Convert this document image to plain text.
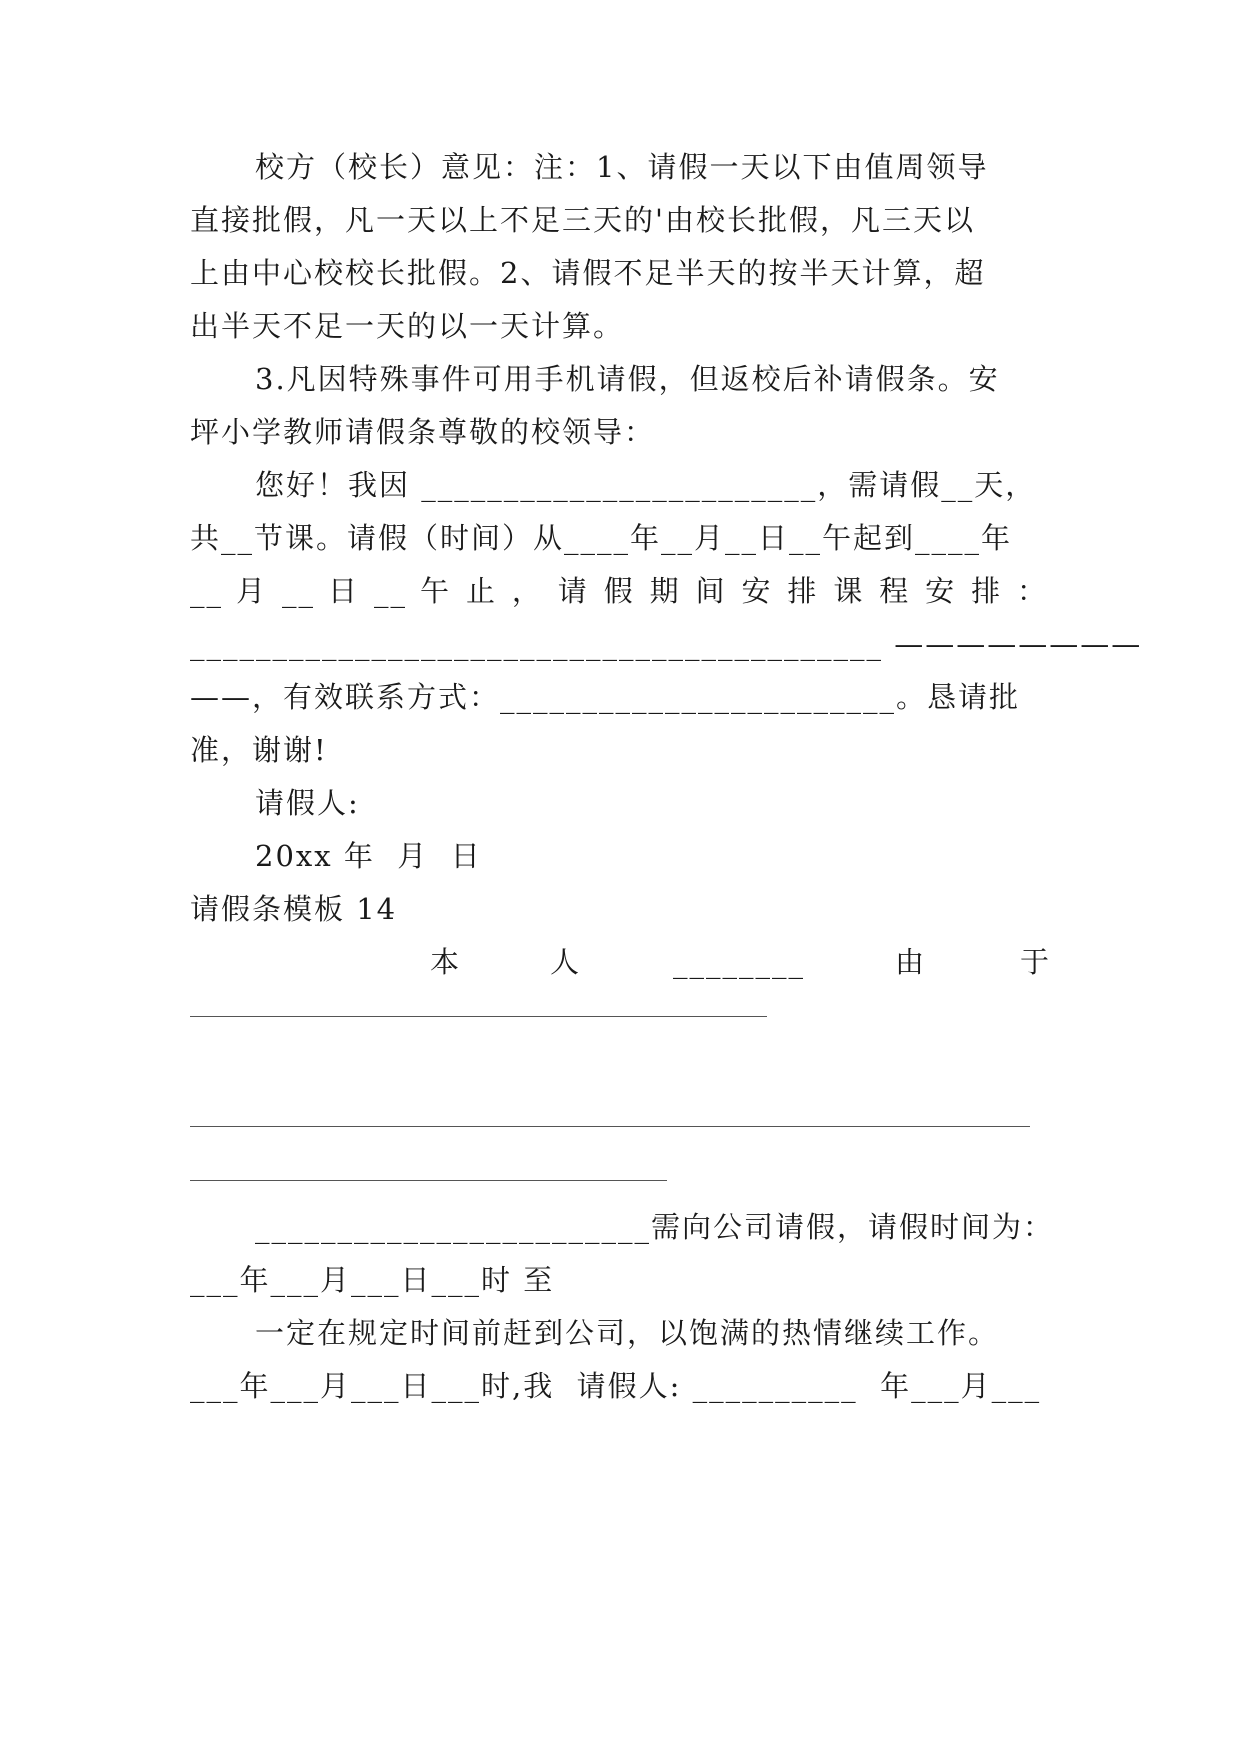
校方（校长）意见：注：1、请假一天以下由值周领导

直接批假，凡一天以上不足三天的'由校长批假，凡三天以

上由中心校校长批假。2、请假不足半天的按半天计算，超

出半天不足一天的以一天计算。

3.凡因特殊事件可用手机请假，但返校后补请假条。安

坪小学教师请假条尊敬的校领导：

您好！我因 ________________________，需请假__天，

共__节课。请假（时间）从____年__月__日__午起到____年

__ 月 __ 日 __ 午 止 ， 请 假 期 间 安 排 课 程 安 排 ：

__________________________________________ ————————

——，有效联系方式：________________________。恳请批

准，谢谢!

请假人:

20xx 年  月  日

请假条模板 14

本	人	________	由	于

________________________需向公司请假，请假时间为：

___年___月___日___时 至

一定在规定时间前赶到公司，以饱满的热情继续工作。

___年___月___日___时,我  请假人: __________  年___月___
